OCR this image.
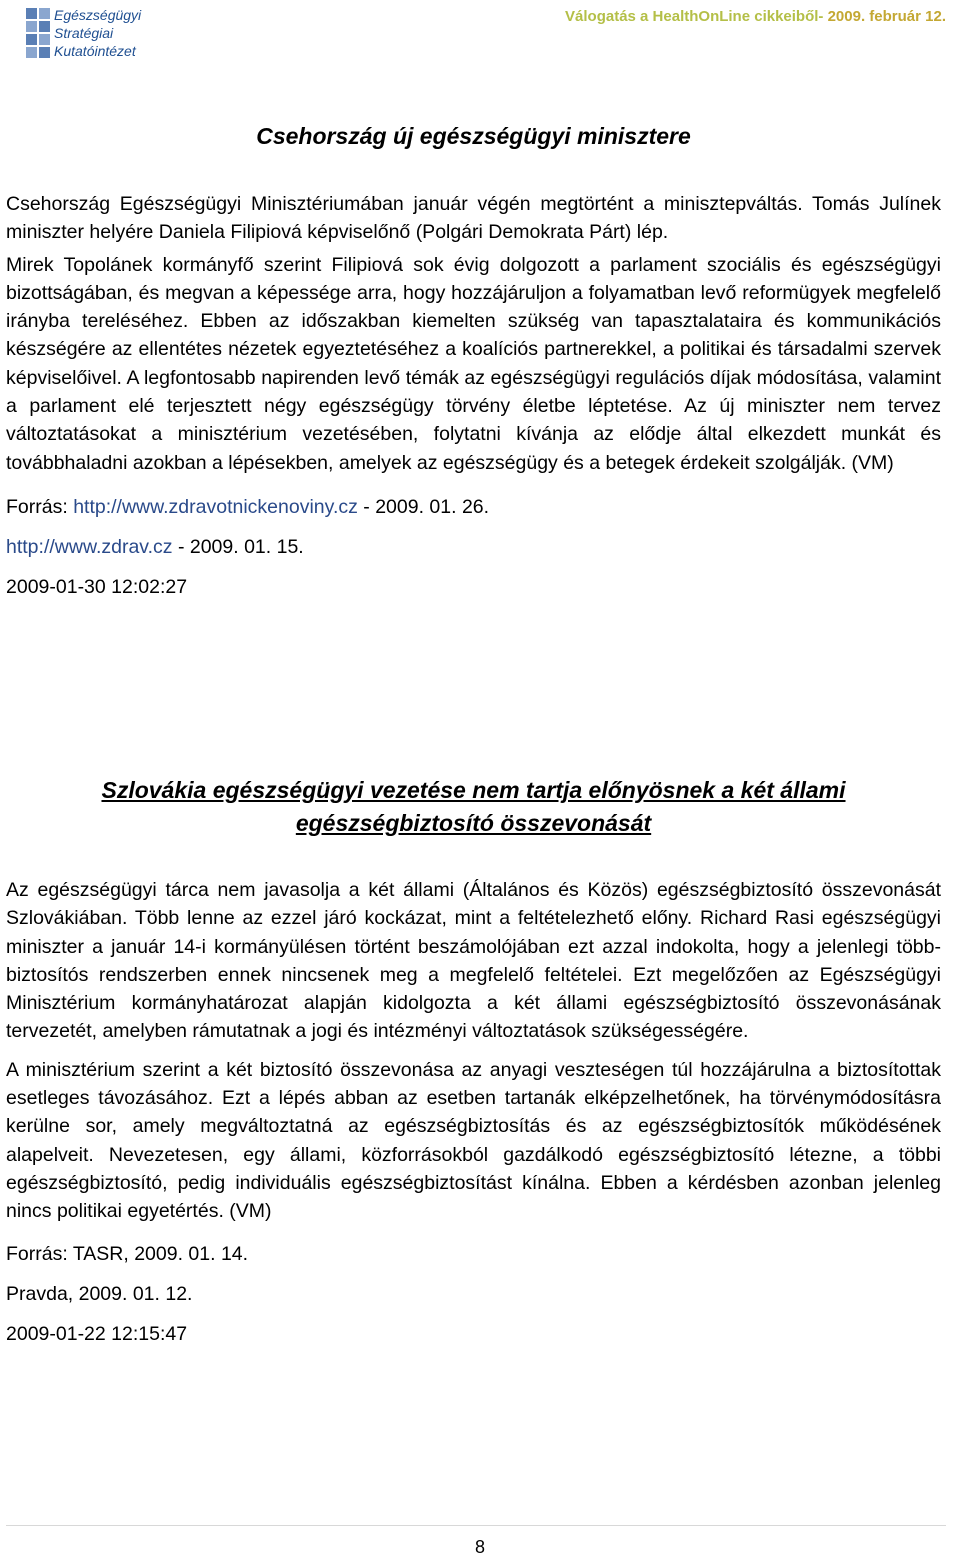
Egészségügyi
Stratégiai
Kutatóintézet
Válogatás a HealthOnLine cikkeiből- 2009. február 12.
Csehország új egészségügyi minisztere

Csehország Egészségügyi Minisztériumában január végén megtörtént a minisztерváltás. Tomás Julínek miniszter helyére Daniela Filipiová képviselőnő (Polgári Demokrata Párt) lép.

Mirek Topolánek kormányfő szerint Filipiová sok évig dolgozott a parlament szociális és egészségügyi bizottságában, és megvan a képessége arra, hogy hozzájáruljon a folyamatban levő reformügyek megfelelő irányba tereléséhez. Ebben az időszakban kiemelten szükség van tapasztalataira és kommunikációs készségére az ellentétes nézetek egyeztetéséhez a koalíciós partnerekkel, a politikai és társadalmi szervek képviselőivel. A legfontosabb napirenden levő témák az egészségügyi regulációs díjak módosítása, valamint a parlament elé terjesztett négy egészségügy törvény életbe léptetése. Az új miniszter nem tervez változtatásokat a minisztérium vezetésében, folytatni kívánja az elődje által elkezdett munkát és továbbhaladni azokban a lépésekben, amelyek az egészségügy és a betegek érdekeit szolgálják. (VM)

Forrás: http://www.zdravotnickenoviny.cz - 2009. 01. 26.

http://www.zdrav.cz - 2009. 01. 15.

2009-01-30 12:02:27

Szlovákia egészségügyi vezetése nem tartja előnyösnek a két állami
egészségbiztosító összevonását

Az egészségügyi tárca nem javasolja a két állami (Általános és Közös) egészségbiztosító összevonását Szlovákiában. Több lenne az ezzel járó kockázat, mint a feltételezhető előny. Richard Rasi egészségügyi miniszter a január 14-i kormányülésen történt beszámolójában ezt azzal indokolta, hogy a jelenlegi több-biztosítós rendszerben ennek nincsenek meg a megfelelő feltételei. Ezt megelőzően az Egészségügyi Minisztérium kormányhatározat alapján kidolgozta a két állami egészségbiztosító összevonásának tervezetét, amelyben rámutatnak a jogi és intézményi változtatások szükségességére.

A minisztérium szerint a két biztosító összevonása az anyagi veszteségen túl hozzájárulna a biztosítottak esetleges távozásához. Ezt a lépés abban az esetben tartanák elképzelhetőnek, ha törvénymódosításra kerülne sor, amely megváltoztatná az egészségbiztosítás és az egészségbiztosítók működésének alapelveit. Nevezetesen, egy állami, közforrásokból gazdálkodó egészségbiztosító létezne, a többi egészségbiztosító, pedig individuális egészségbiztosítást kínálna. Ebben a kérdésben azonban jelenleg nincs politikai egyetértés. (VM)

Forrás: TASR, 2009. 01. 14.

Pravda, 2009. 01. 12.

2009-01-22 12:15:47

8
